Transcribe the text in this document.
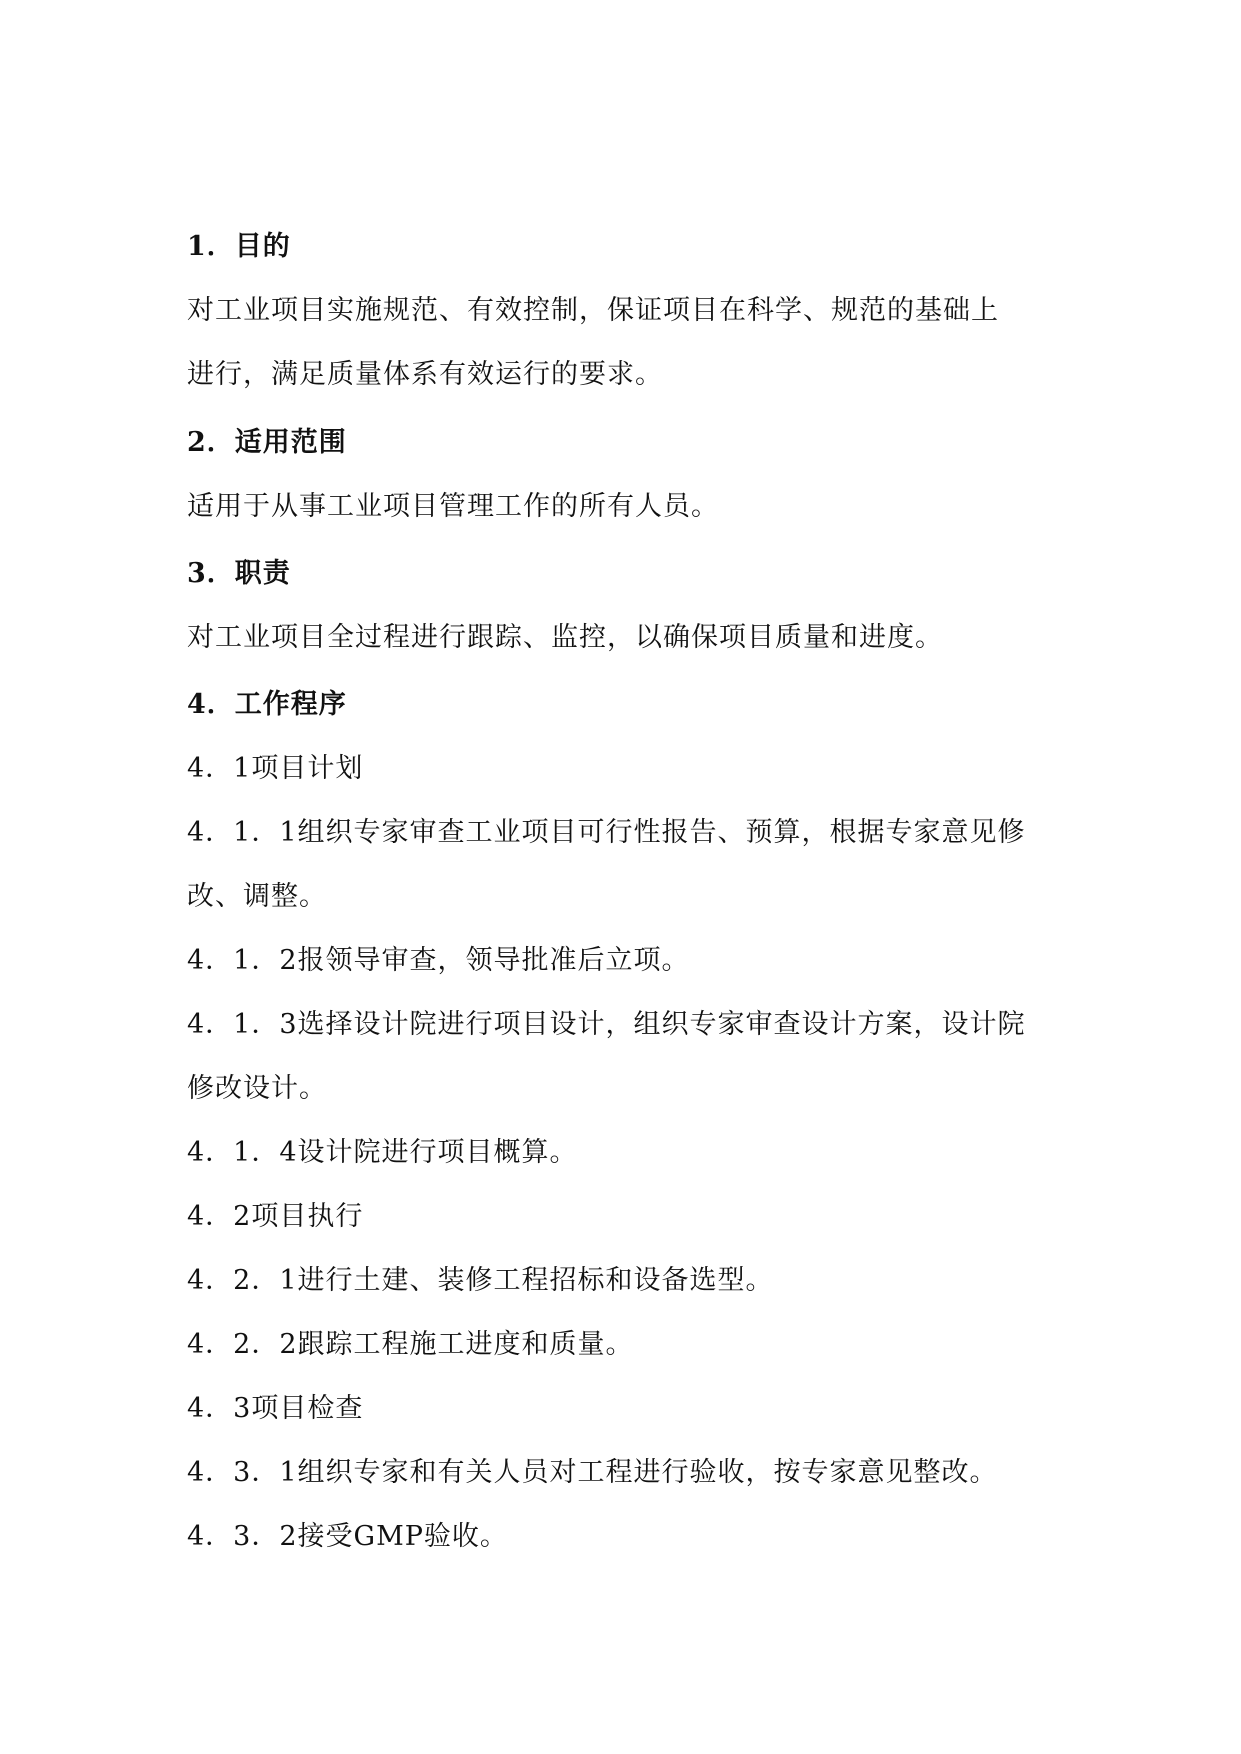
1．目的
对工业项目实施规范、有效控制，保证项目在科学、规范的基础上
进行，满足质量体系有效运行的要求。
2．适用范围
适用于从事工业项目管理工作的所有人员。
3．职责
对工业项目全过程进行跟踪、监控，以确保项目质量和进度。
4．工作程序
4．1项目计划
4．1．1组织专家审查工业项目可行性报告、预算，根据专家意见修
改、调整。
4．1．2报领导审查，领导批准后立项。
4．1．3选择设计院进行项目设计，组织专家审查设计方案，设计院
修改设计。
4．1．4设计院进行项目概算。
4．2项目执行
4．2．1进行土建、装修工程招标和设备选型。
4．2．2跟踪工程施工进度和质量。
4．3项目检查
4．3．1组织专家和有关人员对工程进行验收，按专家意见整改。
4．3．2接受GMP验收。
